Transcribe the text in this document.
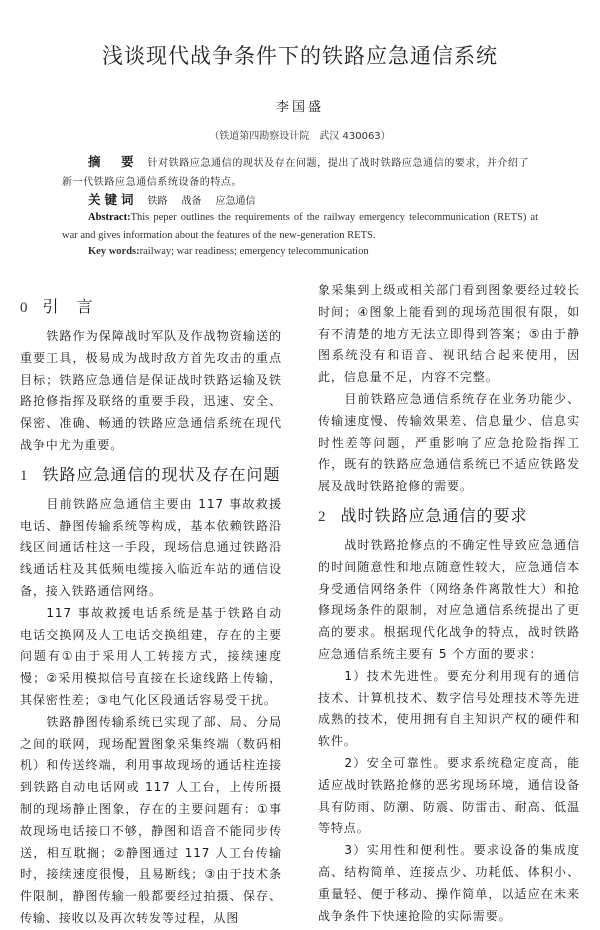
浅谈现代战争条件下的铁路应急通信系统
李国盛
（铁道第四勘察设计院　武汉 430063）
摘　要 针对铁路应急通信的现状及存在问题，提出了战时铁路应急通信的要求，并介绍了新一代铁路应急通信系统设备的特点。
关键词 铁路 战备 应急通信
Abstract:This peper outlines the requirements of the railway emergency telecommunication (RETS) at war and gives information about the features of the new-generation RETS.
Key words:railway; war readiness; emergency telecommunication
0 引　言

铁路作为保障战时军队及作战物资输送的重要工具，极易成为战时敌方首先攻击的重点目标；铁路应急通信是保证战时铁路运输及铁路抢修指挥及联络的重要手段，迅速、安全、保密、准确、畅通的铁路应急通信系统在现代战争中尤为重要。

1 铁路应急通信的现状及存在问题

目前铁路应急通信主要由 117 事故救援电话、静图传输系统等构成，基本依赖铁路沿线区间通话柱这一手段，现场信息通过铁路沿线通话柱及其低频电缆接入临近车站的通信设备，接入铁路通信网络。

117 事故救援电话系统是基于铁路自动电话交换网及人工电话交换组建，存在的主要问题有①由于采用人工转接方式，接续速度慢；②采用模拟信号直接在长途线路上传输，其保密性差；③电气化区段通话容易受干扰。

铁路静图传输系统已实现了部、局、分局之间的联网，现场配置图象采集终端（数码相机）和传送终端，利用事故现场的通话柱连接到铁路自动电话网或 117 人工台，上传所摄制的现场静止图象，存在的主要问题有：①事故现场电话接口不够，静图和语音不能同步传送，相互耽搁；②静图通过 117 人工台传输时，接续速度很慢，且易断线；③由于技术条件限制，静图传输一般都要经过拍摄、保存、传输、接收以及再次转发等过程，从图

象采集到上级或相关部门看到图象要经过较长时间；④图象上能看到的现场范围很有限，如有不清楚的地方无法立即得到答案；⑤由于静图系统没有和语音、视讯结合起来使用，因此，信息量不足，内容不完整。

目前铁路应急通信系统存在业务功能少、传输速度慢、传输效果差、信息量少、信息实时性差等问题，严重影响了应急抢险指挥工作，既有的铁路应急通信系统已不适应铁路发展及战时铁路抢修的需要。

2 战时铁路应急通信的要求

战时铁路抢修点的不确定性导致应急通信的时间随意性和地点随意性较大，应急通信本身受通信网络条件（网络条件离散性大）和抢修现场条件的限制，对应急通信系统提出了更高的要求。根据现代化战争的特点，战时铁路应急通信系统主要有 5 个方面的要求：

1）技术先进性。要充分利用现有的通信技术、计算机技术、数字信号处理技术等先进成熟的技术，使用拥有自主知识产权的硬件和软件。

2）安全可靠性。要求系统稳定度高，能适应战时铁路抢修的恶劣现场环境，通信设备具有防雨、防潮、防震、防雷击、耐高、低温等特点。

3）实用性和便利性。要求设备的集成度高、结构简单、连接点少、功耗低、体积小、重量轻、便于移动、操作简单，以适应在未来战争条件下快速抢险的实际需要。
